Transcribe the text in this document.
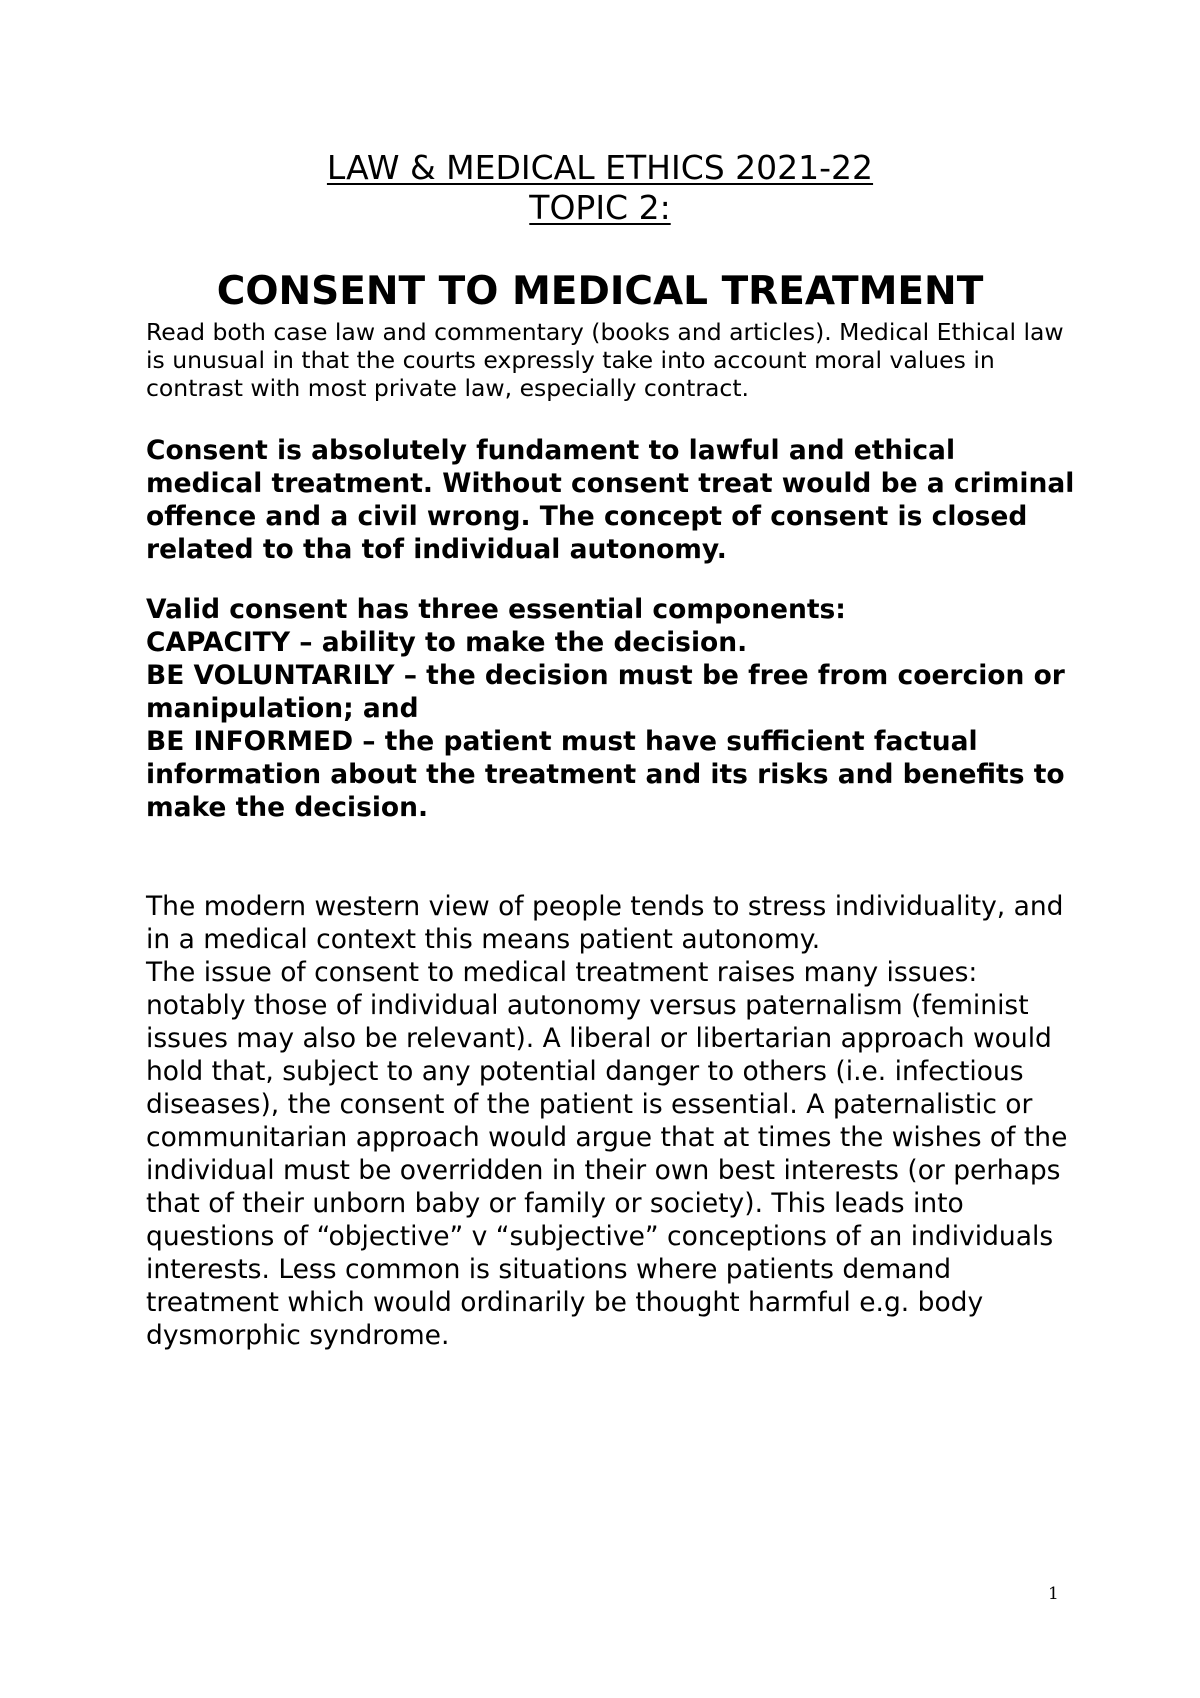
LAW & MEDICAL ETHICS 2021-22
TOPIC 2:
CONSENT TO MEDICAL TREATMENT
Read both case law and commentary (books and articles). Medical Ethical law is unusual in that the courts expressly take into account moral values in contrast with most private law, especially contract.
Consent is absolutely fundament to lawful and ethical medical treatment. Without consent treat would be a criminal offence and a civil wrong. The concept of consent is closed related to tha tof individual autonomy.
Valid consent has three essential components:
CAPACITY – ability to make the decision.
BE VOLUNTARILY – the decision must be free from coercion or manipulation; and
BE INFORMED – the patient must have sufficient factual information about the treatment and its risks and benefits to make the decision.
The modern western view of people tends to stress individuality, and in a medical context this means patient autonomy.
The issue of consent to medical treatment raises many issues: notably those of individual autonomy versus paternalism (feminist issues may also be relevant). A liberal or libertarian approach would hold that, subject to any potential danger to others (i.e. infectious diseases), the consent of the patient is essential. A paternalistic or communitarian approach would argue that at times the wishes of the individual must be overridden in their own best interests (or perhaps that of their unborn baby or family or society). This leads into questions of “objective” v “subjective” conceptions of an individuals interests. Less common is situations where patients demand treatment which would ordinarily be thought harmful e.g. body dysmorphic syndrome.
1
